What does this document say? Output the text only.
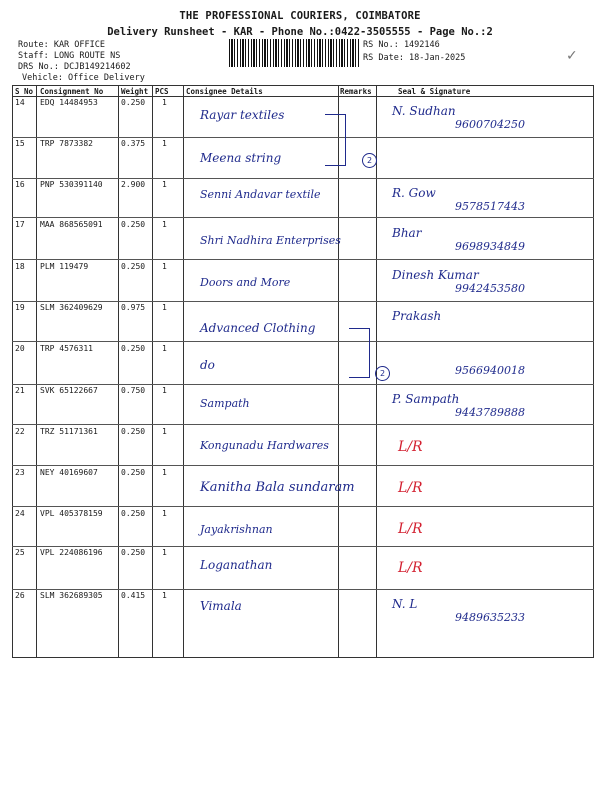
THE PROFESSIONAL COURIERS, COIMBATORE
Delivery Runsheet - KAR - Phone No.:0422-3505555 - Page No.:2
Route: KAR OFFICE
Staff: LONG ROUTE NS
DRS No.: DCJB149214602
Vehicle: Office Delivery
RS No.: 1492146
RS Date: 18-Jan-2025	✓
S No Consignment No Weight PCS Consignee Details	Remarks	Seal & Signature
14 EDQ 14484953	0.250 1
Rayar textiles	N. Sudhan
9600704250
15 TRP 7873382	0.375 1
Meena string
16 PNP 530391140 2.900 1
Senni Andavar textile	R. Gow
9578517443
17 MAA 868565091 0.250 1
Shri Nadhira Enterprises
Bhar
9698934849
18 PLM 119479	0.250 1
Doors and More
Dinesh Kumar
9942453580
19 SLM 362409629 0.975 1
Advanced Clothing
Prakash
20 TRP 4576311	0.250 1
do	9566940018
21 SVK 65122667	0.750 1
Sampath	P. Sampath
9443789888
22 TRZ 51171361	0.250 1
Kongunadu Hardwares	L/R
23 NEY 40169607	0.250 1
Kanitha Bala sundaram	L/R
24 VPL 405378159 0.250 1
Jayakrishnan	L/R
25 VPL 224086196 0.250 1
Loganathan	L/R
26 SLM 362689305 0.415 1
Vimala	N. L
9489635233
2
2
